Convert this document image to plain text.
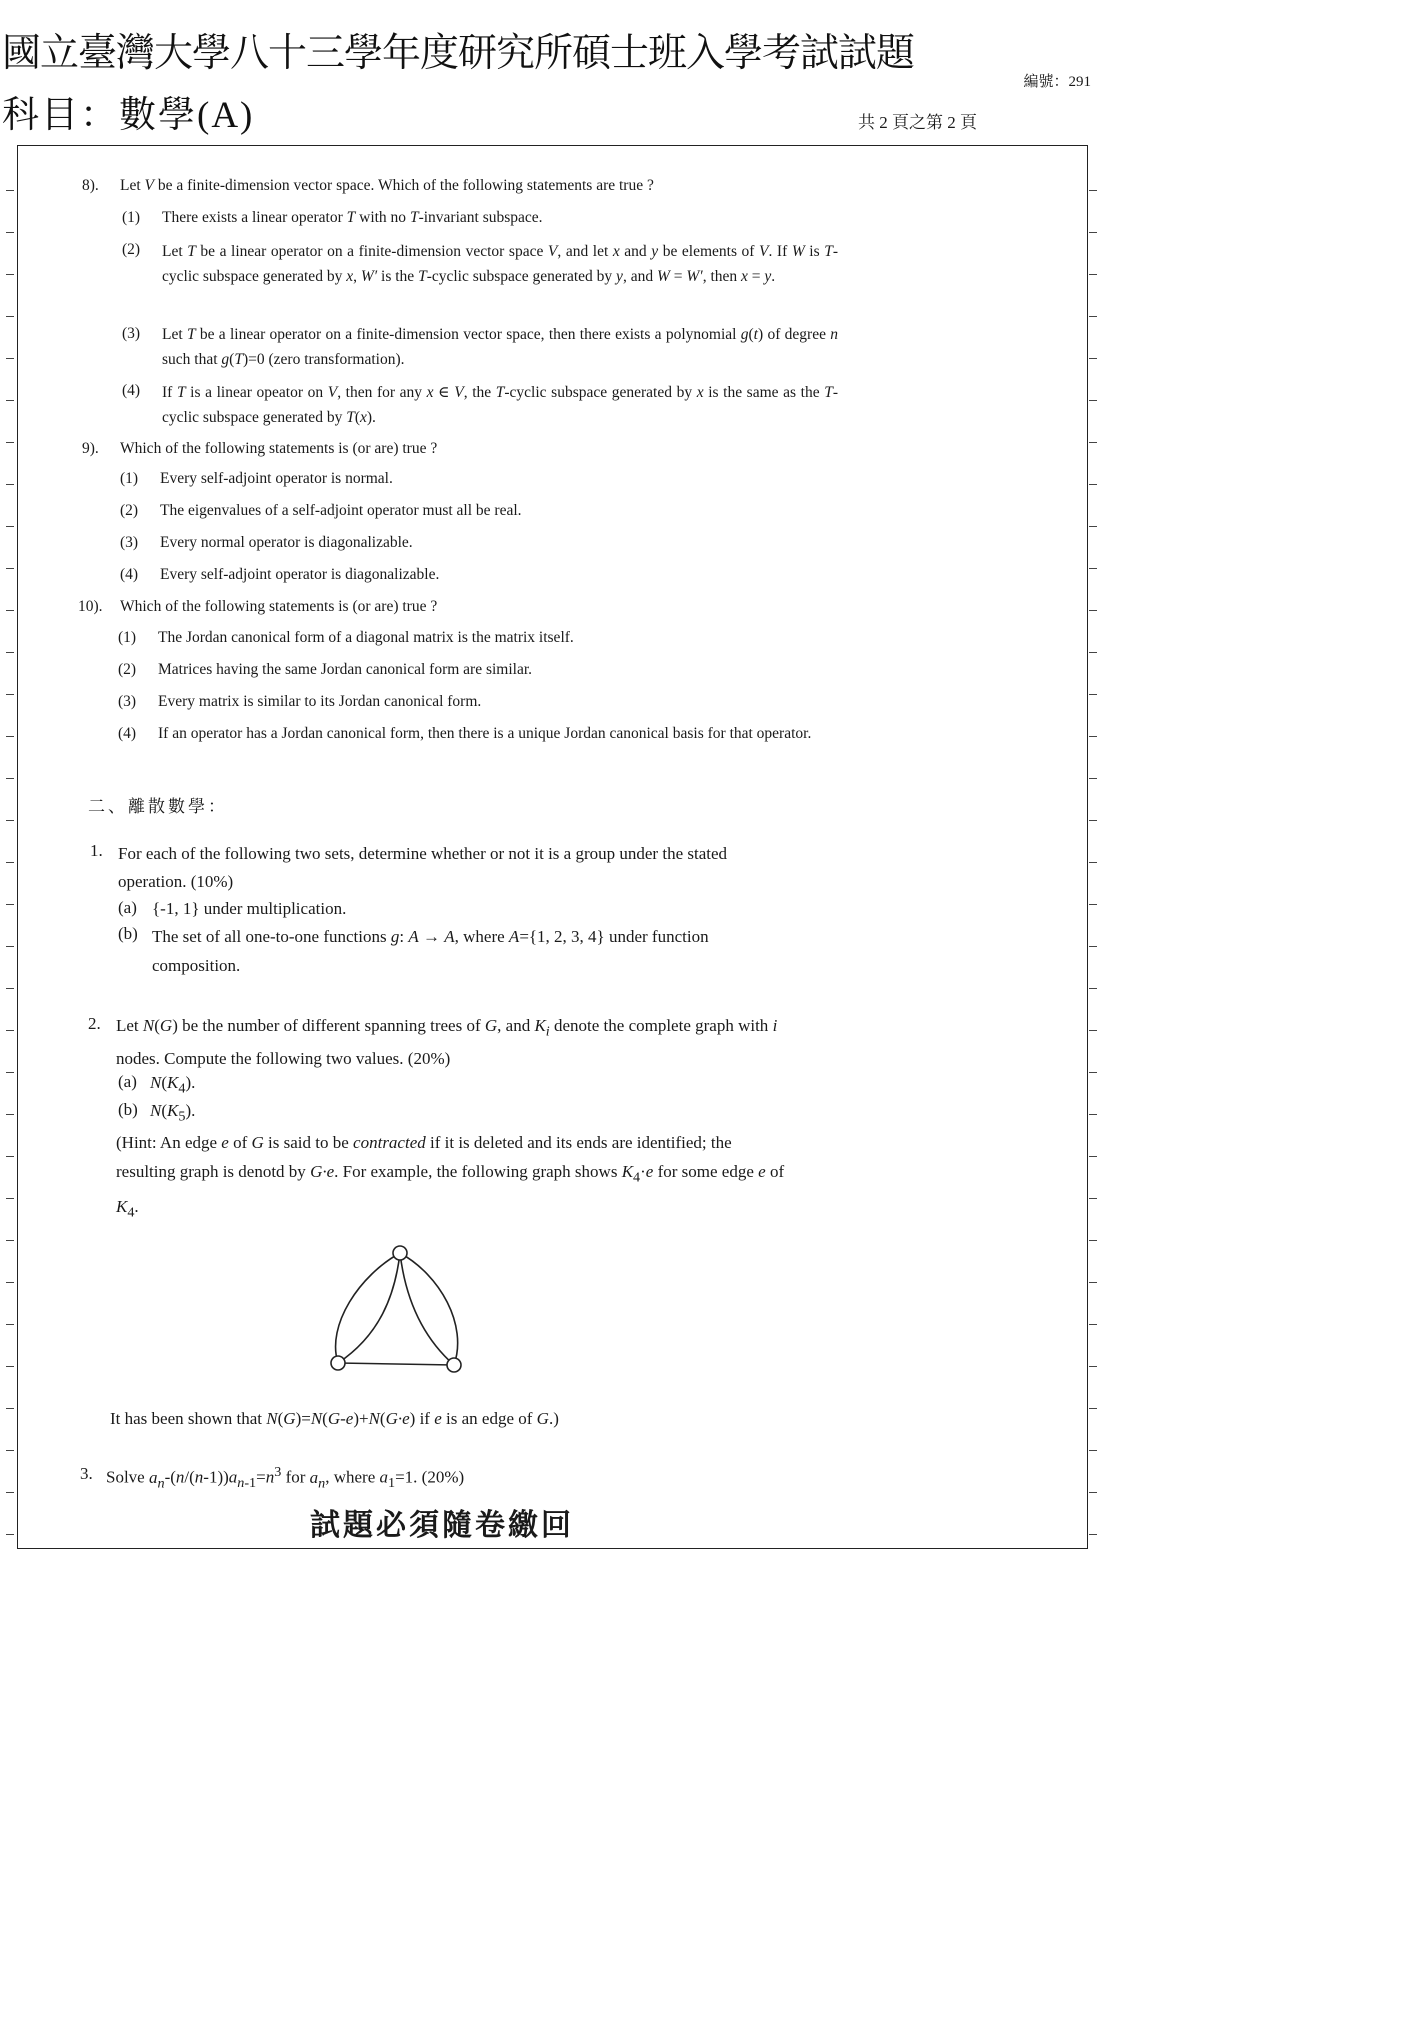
國立臺灣大學八十三學年度研究所碩士班入學考試試題
科目：數學(A)
編號：291
共 2 頁之第 2 頁
8). Let V be a finite-dimension vector space. Which of the following statements are true ?
(1) There exists a linear operator T with no T-invariant subspace.
(2) Let T be a linear operator on a finite-dimension vector space V, and let x and y be elements of V. If W is T-cyclic subspace generated by x, W′ is the T-cyclic subspace generated by y, and W = W′, then x = y.
(3) Let T be a linear operator on a finite-dimension vector space, then there exists a polynomial g(t) of degree n such that g(T)=0 (zero transformation).
(4) If T is a linear opeator on V, then for any x ∈ V, the T-cyclic subspace generated by x is the same as the T-cyclic subspace generated by T(x).
9). Which of the following statements is (or are) true ?
(1) Every self-adjoint operator is normal.
(2) The eigenvalues of a self-adjoint operator must all be real.
(3) Every normal operator is diagonalizable.
(4) Every self-adjoint operator is diagonalizable.
10). Which of the following statements is (or are) true ?
(1) The Jordan canonical form of a diagonal matrix is the matrix itself.
(2) Matrices having the same Jordan canonical form are similar.
(3) Every matrix is similar to its Jordan canonical form.
(4) If an operator has a Jordan canonical form, then there is a unique Jordan canonical basis for that operator.
二、離散數學：
1. For each of the following two sets, determine whether or not it is a group under the stated operation. (10%)
(a) {-1, 1} under multiplication.
(b) The set of all one-to-one functions g: A → A, where A={1, 2, 3, 4} under function composition.
2. Let N(G) be the number of different spanning trees of G, and $K_i$ denote the complete graph with i nodes. Compute the following two values. (20%)
(a) $N(K_4)$.
(b) $N(K_5)$.
(Hint: An edge e of G is said to be contracted if it is deleted and its ends are identified; the resulting graph is denotd by G·e. For example, the following graph shows $K_4\cdot e$ for some edge e of $K_4$.
It has been shown that N(G)=N(G-e)+N(G·e) if e is an edge of G.)
3. Solve $a_n-(n/(n-1))a_{n-1}=n^3$ for $a_n$, where $a_1=1$. (20%)
試題必須隨卷繳回
